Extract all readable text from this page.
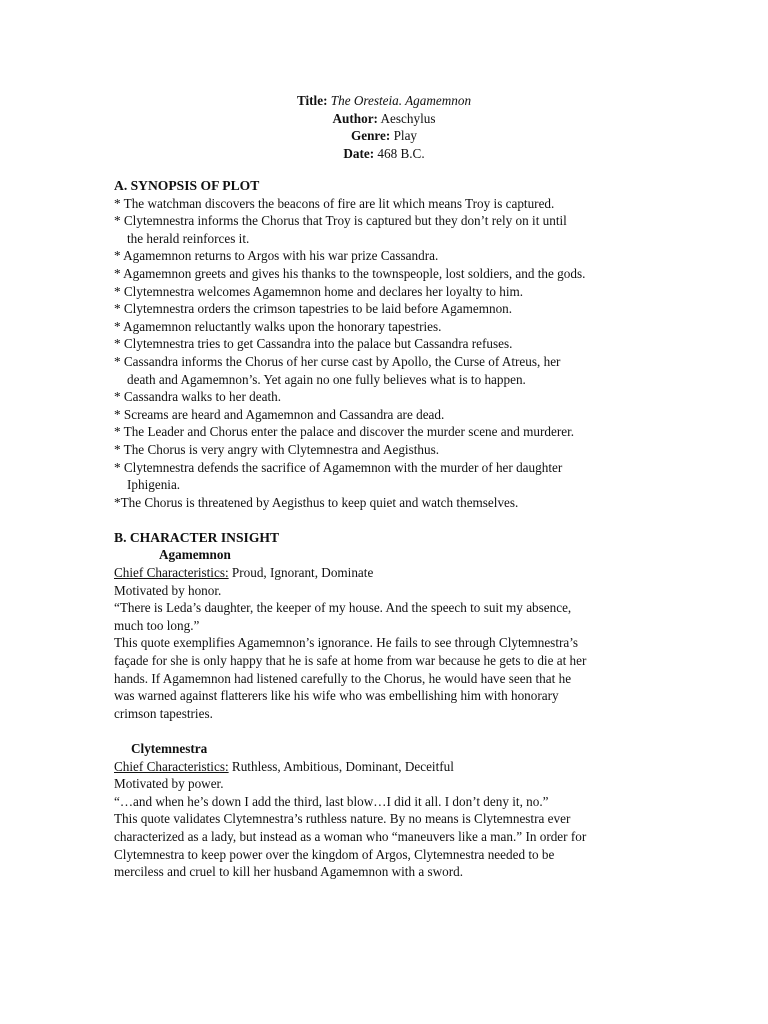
Title: The Oresteia. Agamemnon
Author: Aeschylus
Genre: Play
Date: 468 B.C.
A. SYNOPSIS OF PLOT
* The watchman discovers the beacons of fire are lit which means Troy is captured.
* Clytemnestra informs the Chorus that Troy is captured but they don’t rely on it until
the herald reinforces it.
* Agamemnon returns to Argos with his war prize Cassandra.
* Agamemnon greets and gives his thanks to the townspeople, lost soldiers, and the gods.
* Clytemnestra welcomes Agamemnon home and declares her loyalty to him.
* Clytemnestra orders the crimson tapestries to be laid before Agamemnon.
* Agamemnon reluctantly walks upon the honorary tapestries.
* Clytemnestra tries to get Cassandra into the palace but Cassandra refuses.
* Cassandra informs the Chorus of her curse cast by Apollo, the Curse of Atreus, her
death and Agamemnon’s. Yet again no one fully believes what is to happen.
* Cassandra walks to her death.
* Screams are heard and Agamemnon and Cassandra are dead.
* The Leader and Chorus enter the palace and discover the murder scene and murderer.
* The Chorus is very angry with Clytemnestra and Aegisthus.
* Clytemnestra defends the sacrifice of Agamemnon with the murder of her daughter
Iphigenia.
*The Chorus is threatened by Aegisthus to keep quiet and watch themselves.
B. CHARACTER INSIGHT
Agamemnon
Chief Characteristics: Proud, Ignorant, Dominate
Motivated by honor.
“There is Leda’s daughter, the keeper of my house. And the speech to suit my absence,
much too long.”
This quote exemplifies Agamemnon’s ignorance. He fails to see through Clytemnestra’s
façade for she is only happy that he is safe at home from war because he gets to die at her
hands. If Agamemnon had listened carefully to the Chorus, he would have seen that he
was warned against flatterers like his wife who was embellishing him with honorary
crimson tapestries.
Clytemnestra
Chief Characteristics: Ruthless, Ambitious, Dominant, Deceitful
Motivated by power.
“…and when he’s down I add the third, last blow…I did it all. I don’t deny it, no.”
This quote validates Clytemnestra’s ruthless nature. By no means is Clytemnestra ever
characterized as a lady, but instead as a woman who “maneuvers like a man.” In order for
Clytemnestra to keep power over the kingdom of Argos, Clytemnestra needed to be
merciless and cruel to kill her husband Agamemnon with a sword.
